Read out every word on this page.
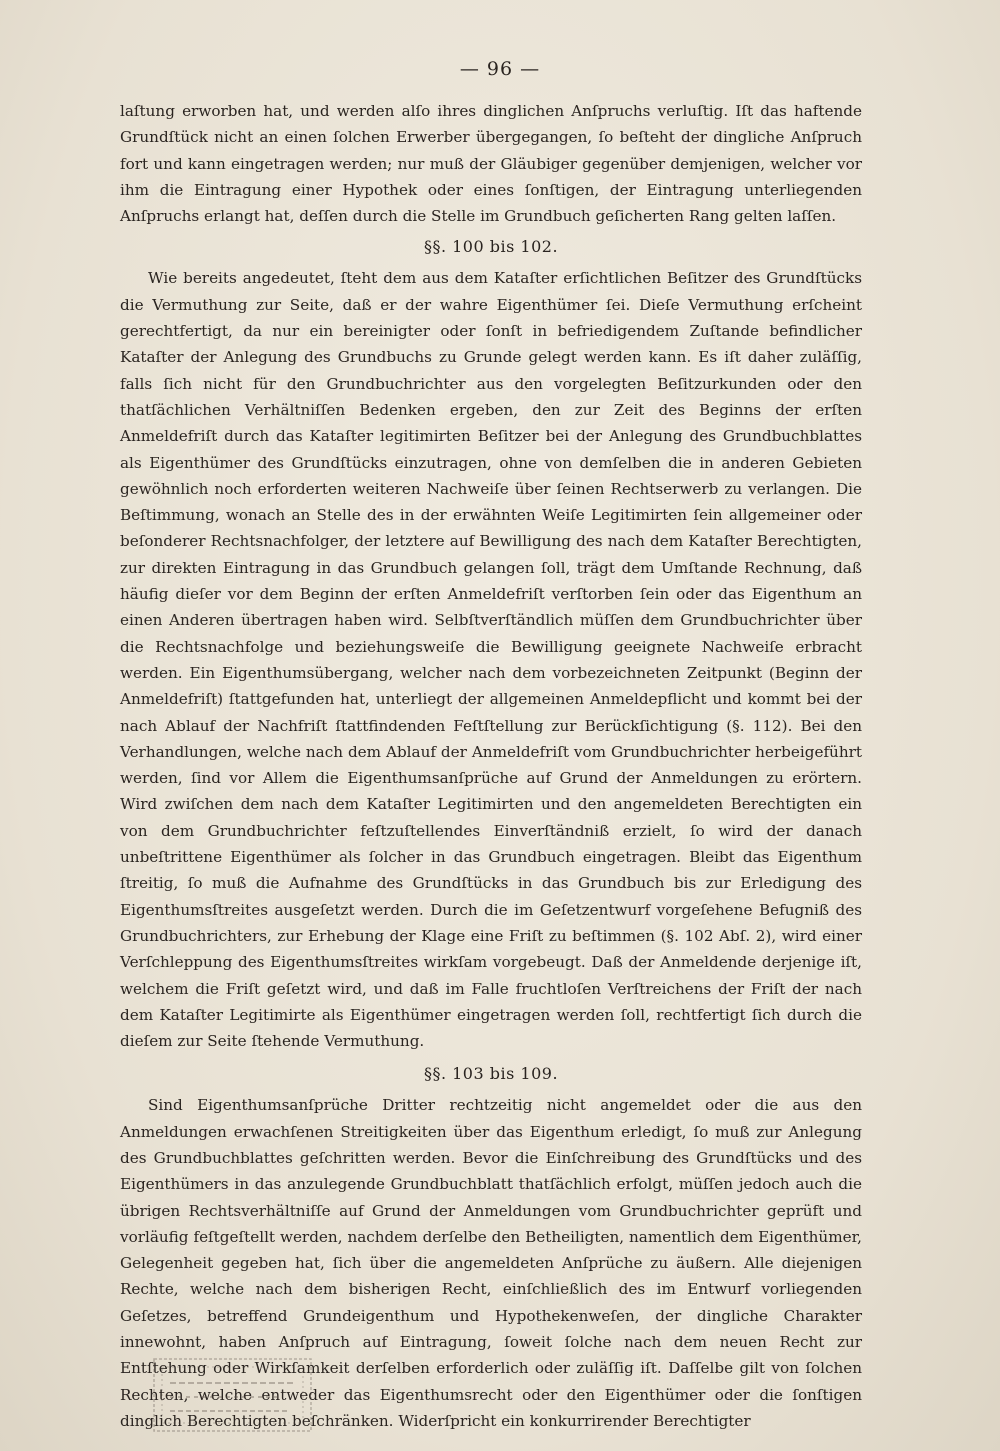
— 96 —

laſtung erworben hat, und werden alſo ihres dinglichen Anſpruchs verluſtig. Iſt das haftende Grundſtück nicht an einen ſolchen Erwerber übergegangen, ſo beſteht der dingliche Anſpruch fort und kann eingetragen werden; nur muß der Gläubiger gegenüber demjenigen, welcher vor ihm die Eintragung einer Hypothek oder eines ſonſtigen, der Eintragung unterliegenden Anſpruchs erlangt hat, deſſen durch die Stelle im Grundbuch geſicherten Rang gelten laſſen.

§§. 100 bis 102.

Wie bereits angedeutet, ſteht dem aus dem Kataſter erſichtlichen Beſitzer des Grundſtücks die Vermuthung zur Seite, daß er der wahre Eigenthümer ſei. Dieſe Vermuthung erſcheint gerechtfertigt, da nur ein bereinigter oder ſonſt in befriedigendem Zuſtande befindlicher Kataſter der Anlegung des Grundbuchs zu Grunde gelegt werden kann. Es iſt daher zuläſſig, falls ſich nicht für den Grundbuchrichter aus den vorgelegten Beſitzurkunden oder den thatſächlichen Verhältniſſen Bedenken ergeben, den zur Zeit des Beginns der erſten Anmeldefriſt durch das Kataſter legitimirten Beſitzer bei der Anlegung des Grundbuchblattes als Eigenthümer des Grundſtücks einzutragen, ohne von demſelben die in anderen Gebieten gewöhnlich noch erforderten weiteren Nachweiſe über ſeinen Rechtserwerb zu verlangen. Die Beſtimmung, wonach an Stelle des in der erwähnten Weiſe Legitimirten ſein allgemeiner oder beſonderer Rechtsnachfolger, der letztere auf Bewilligung des nach dem Kataſter Berechtigten, zur direkten Eintragung in das Grundbuch gelangen ſoll, trägt dem Umſtande Rechnung, daß häufig dieſer vor dem Beginn der erſten Anmeldefriſt verſtorben ſein oder das Eigenthum an einen Anderen übertragen haben wird. Selbſtverſtändlich müſſen dem Grundbuchrichter über die Rechtsnachfolge und beziehungsweiſe die Bewilligung geeignete Nachweiſe erbracht werden. Ein Eigenthumsübergang, welcher nach dem vorbezeichneten Zeitpunkt (Beginn der Anmeldefriſt) ſtattgefunden hat, unterliegt der allgemeinen Anmeldepflicht und kommt bei der nach Ablauf der Nachfriſt ſtattfindenden Feſtſtellung zur Berückſichtigung (§. 112). Bei den Verhandlungen, welche nach dem Ablauf der Anmeldefriſt vom Grundbuchrichter herbeigeführt werden, ſind vor Allem die Eigenthumsanſprüche auf Grund der Anmeldungen zu erörtern. Wird zwiſchen dem nach dem Kataſter Legitimirten und den angemeldeten Berechtigten ein von dem Grundbuchrichter feſtzuſtellendes Einverſtändniß erzielt, ſo wird der danach unbeſtrittene Eigenthümer als ſolcher in das Grundbuch eingetragen. Bleibt das Eigenthum ſtreitig, ſo muß die Aufnahme des Grundſtücks in das Grundbuch bis zur Erledigung des Eigenthumsſtreites ausgeſetzt werden. Durch die im Geſetzentwurf vorgeſehene Befugniß des Grundbuchrichters, zur Erhebung der Klage eine Friſt zu beſtimmen (§. 102 Abſ. 2), wird einer Verſchleppung des Eigenthumsſtreites wirkſam vorgebeugt. Daß der Anmeldende derjenige iſt, welchem die Friſt geſetzt wird, und daß im Falle fruchtloſen Verſtreichens der Friſt der nach dem Kataſter Legitimirte als Eigenthümer eingetragen werden ſoll, rechtfertigt ſich durch die dieſem zur Seite ſtehende Vermuthung.

§§. 103 bis 109.

Sind Eigenthumsanſprüche Dritter rechtzeitig nicht angemeldet oder die aus den Anmeldungen erwachſenen Streitigkeiten über das Eigenthum erledigt, ſo muß zur Anlegung des Grundbuchblattes geſchritten werden. Bevor die Einſchreibung des Grundſtücks und des Eigenthümers in das anzulegende Grundbuchblatt thatſächlich erfolgt, müſſen jedoch auch die übrigen Rechtsverhältniſſe auf Grund der Anmeldungen vom Grundbuchrichter geprüft und vorläufig feſtgeſtellt werden, nachdem derſelbe den Betheiligten, namentlich dem Eigenthümer, Gelegenheit gegeben hat, ſich über die angemeldeten Anſprüche zu äußern. Alle diejenigen Rechte, welche nach dem bisherigen Recht, einſchließlich des im Entwurf vorliegenden Geſetzes, betreffend Grundeigenthum und Hypothekenweſen, der dingliche Charakter innewohnt, haben Anſpruch auf Eintragung, ſoweit ſolche nach dem neuen Recht zur Entſtehung oder Wirkſamkeit derſelben erforderlich oder zuläſſig iſt. Daſſelbe gilt von ſolchen Rechten, welche entweder das Eigenthumsrecht oder den Eigenthümer oder die ſonſtigen dinglich Berechtigten beſchränken. Widerſpricht ein konkurrirender Berechtigter
